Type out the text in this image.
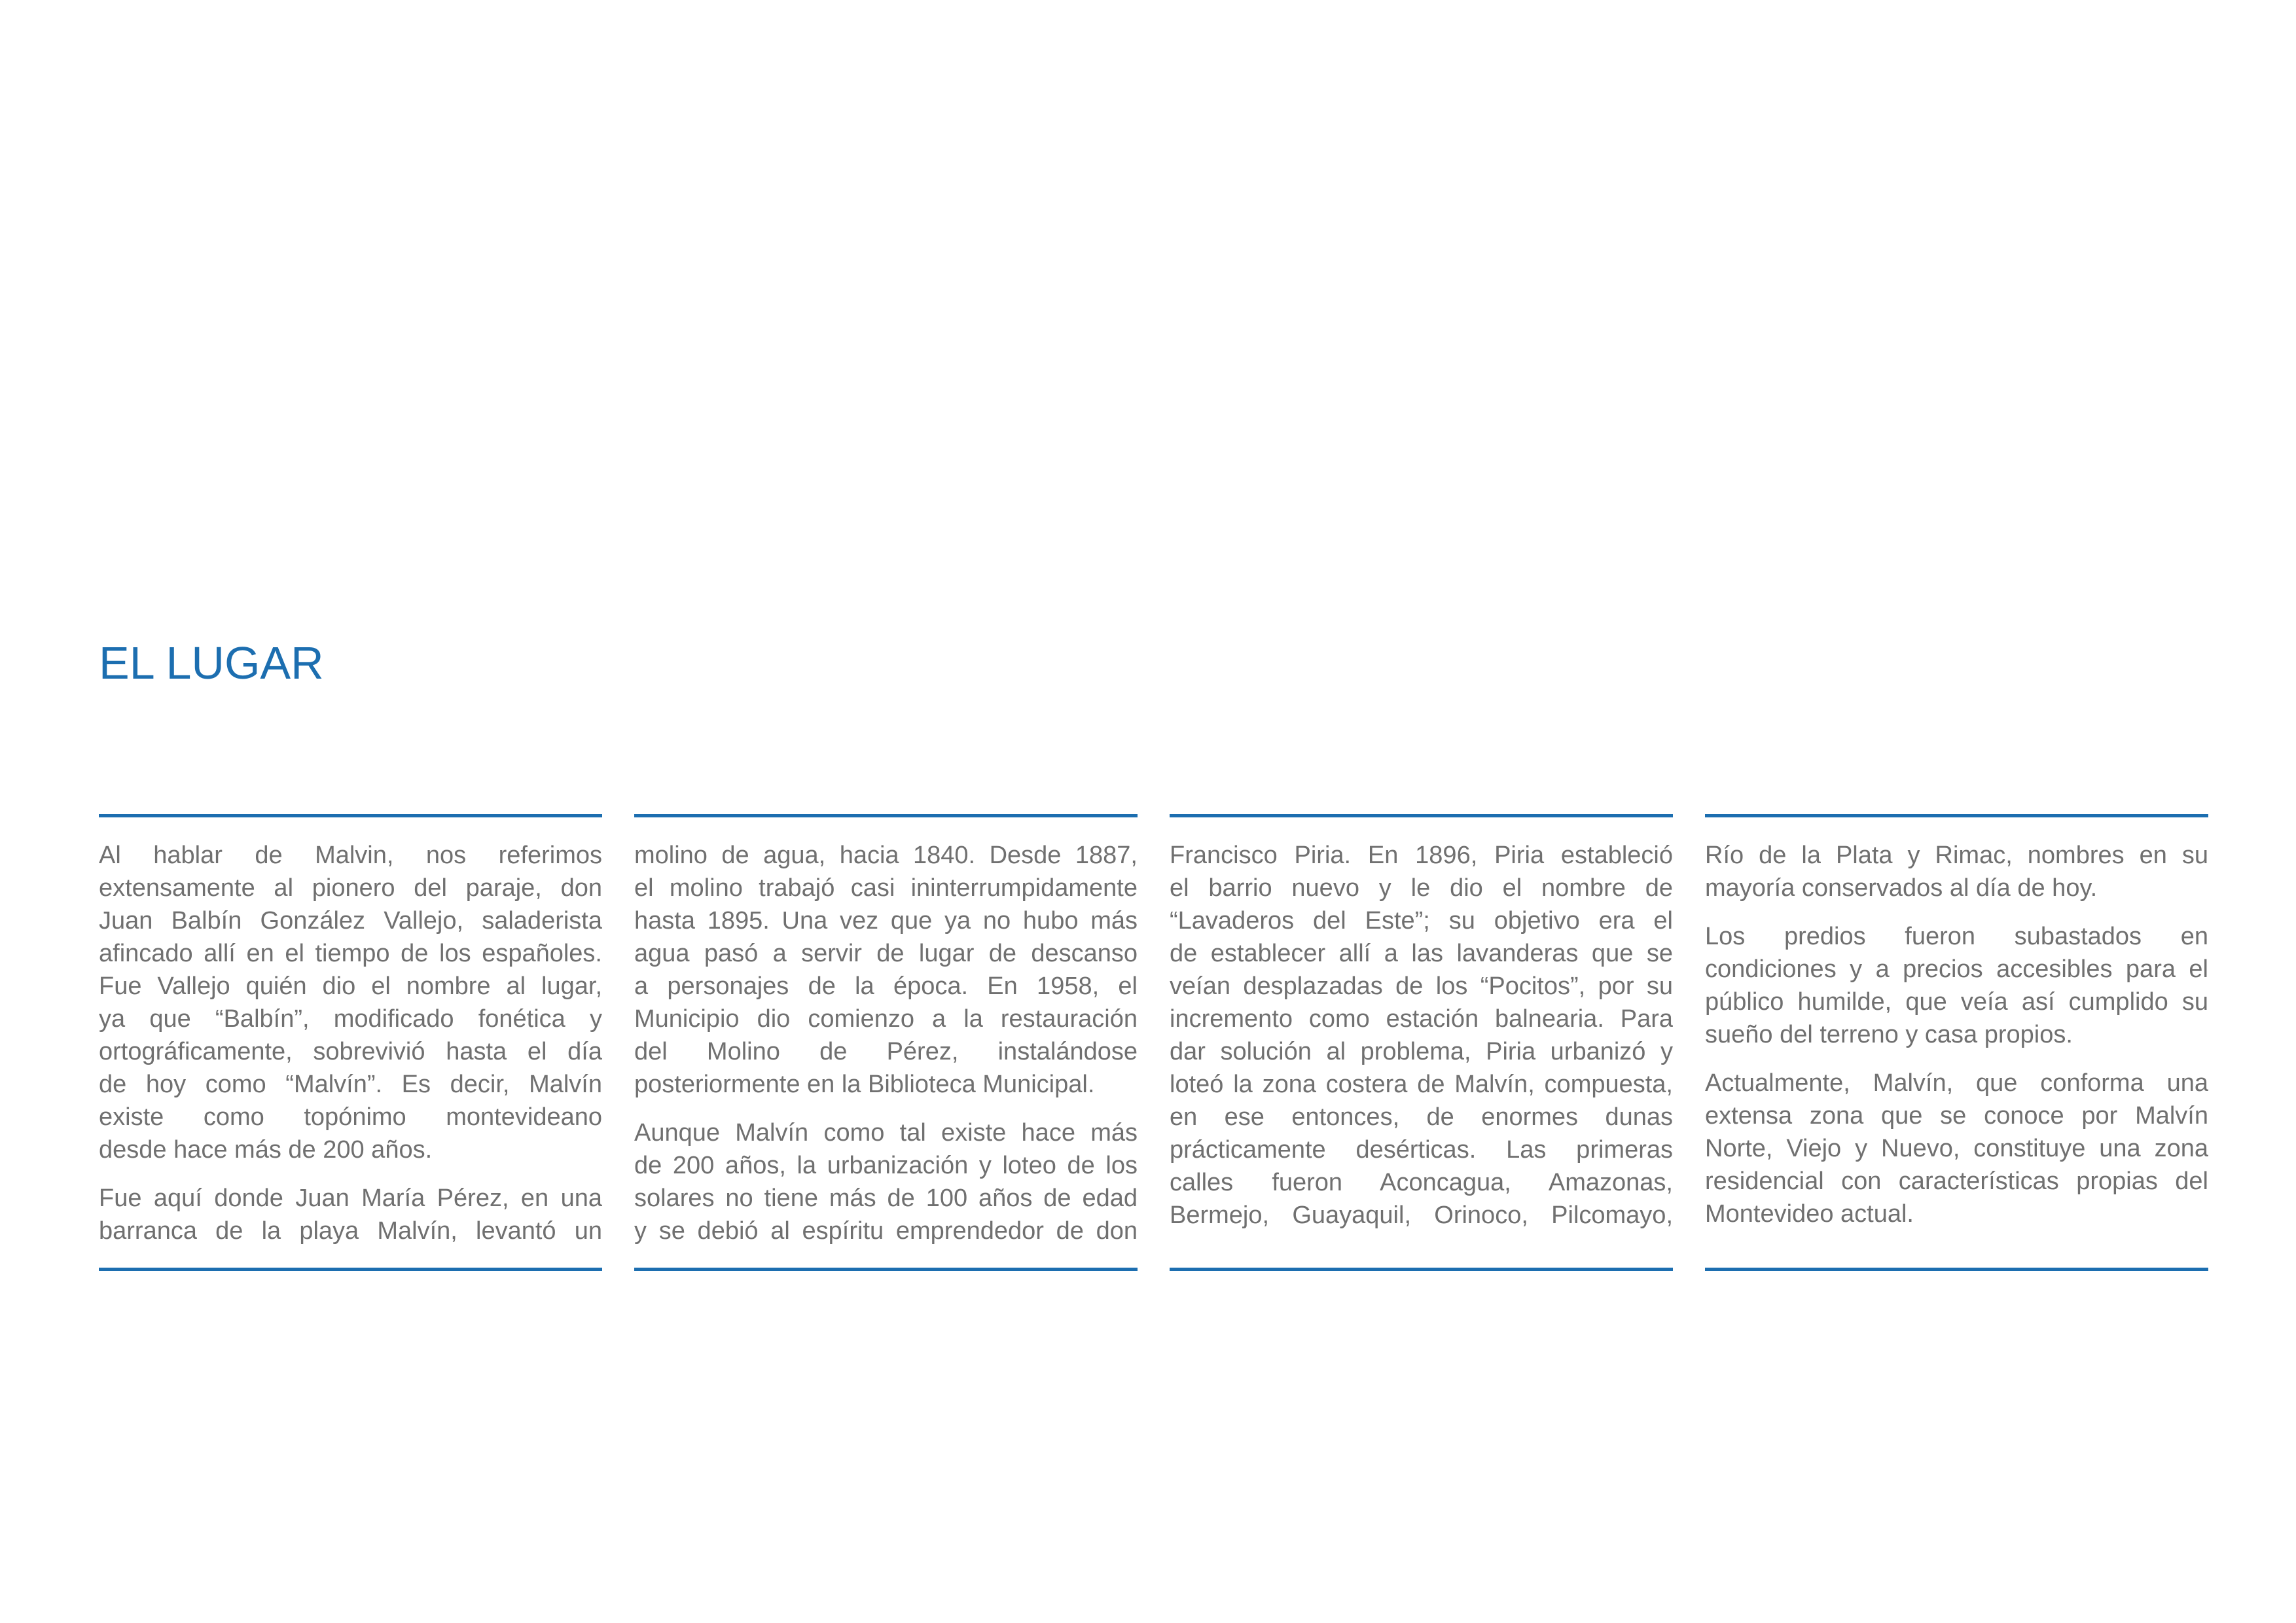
EL LUGAR

Al hablar de Malvin, nos referimos
extensamente al pionero del paraje, don
Juan Balbín González Vallejo, saladerista
afincado allí en el tiempo de los españoles.
Fue Vallejo quién dio el nombre al lugar,
ya que “Balbín”, modificado fonética y
ortográficamente, sobrevivió hasta el día
de hoy como “Malvín”. Es decir, Malvín
existe como topónimo montevideano
desde hace más de 200 años.

Fue aquí donde Juan María Pérez, en una
barranca de la playa Malvín, levantó un

molino de agua, hacia 1840. Desde 1887,
el molino trabajó casi ininterrumpidamente
hasta 1895. Una vez que ya no hubo más
agua pasó a servir de lugar de descanso
a personajes de la época. En 1958, el
Municipio dio comienzo a la restauración
del Molino de Pérez, instalándose
posteriormente en la Biblioteca Municipal.

Aunque Malvín como tal existe hace más
de 200 años, la urbanización y loteo de los
solares no tiene más de 100 años de edad
y se debió al espíritu emprendedor de don

Francisco Piria. En 1896, Piria estableció
el barrio nuevo y le dio el nombre de
“Lavaderos del Este”; su objetivo era el
de establecer allí a las lavanderas que se
veían desplazadas de los “Pocitos”, por su
incremento como estación balnearia. Para
dar solución al problema, Piria urbanizó y
loteó la zona costera de Malvín, compuesta,
en ese entonces, de enormes dunas
prácticamente desérticas. Las primeras
calles fueron Aconcagua, Amazonas,
Bermejo, Guayaquil, Orinoco, Pilcomayo,

Río de la Plata y Rimac, nombres en su
mayoría conservados al día de hoy.

Los predios fueron subastados en
condiciones y a precios accesibles para el
público humilde, que veía así cumplido su
sueño del terreno y casa propios.

Actualmente, Malvín, que conforma una
extensa zona que se conoce por Malvín
Norte, Viejo y Nuevo, constituye una zona
residencial con características propias del
Montevideo actual.
